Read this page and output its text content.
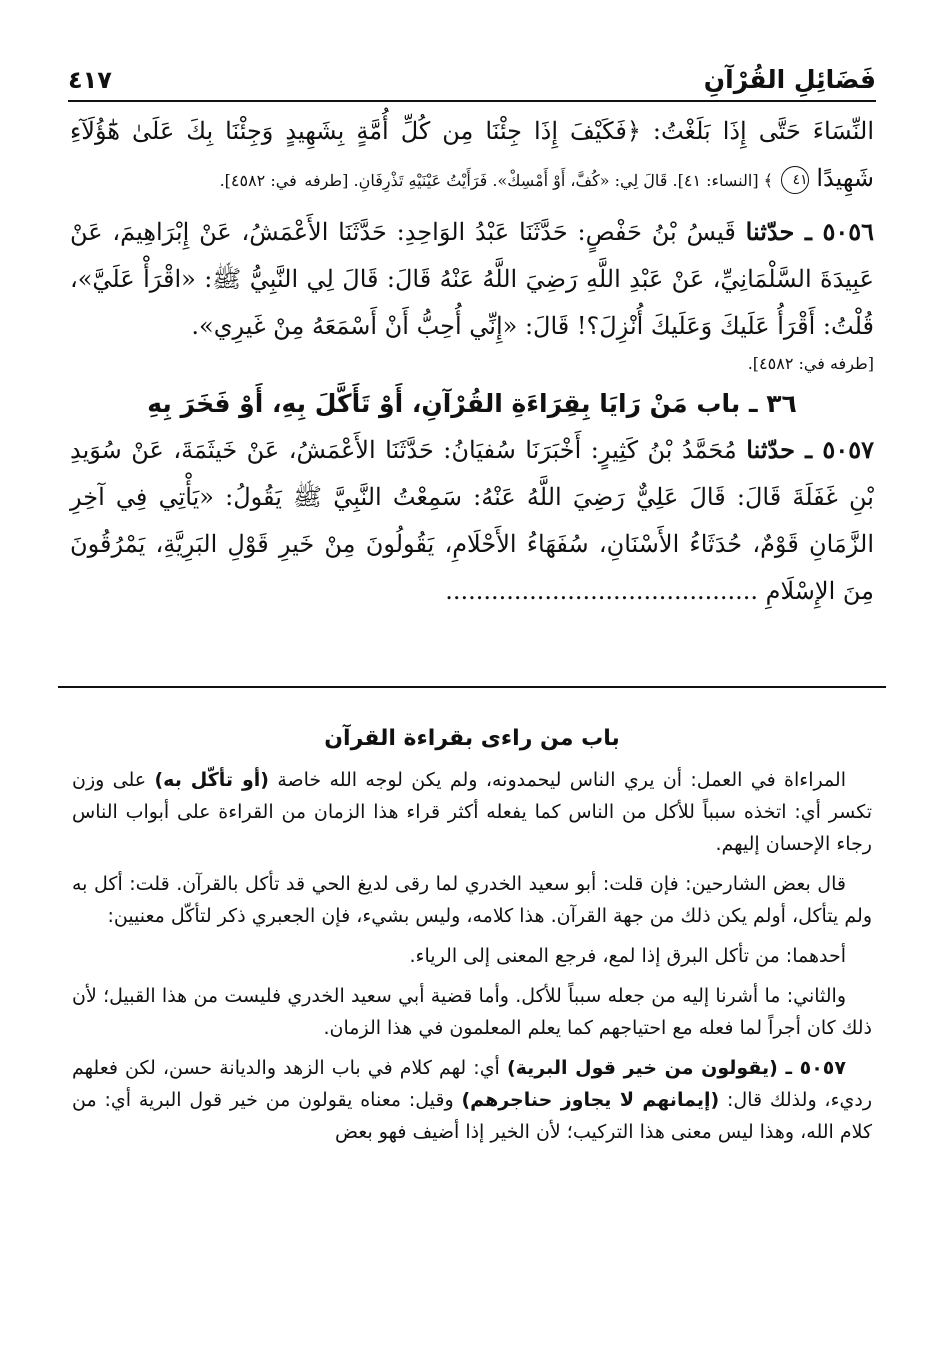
فَضَائِلِ القُرْآنِ
٤١٧
النِّسَاءَ حَتَّى إِذَا بَلَغْتُ: ﴿فَكَيْفَ إِذَا جِئْنَا مِن كُلِّ أُمَّةٍ بِشَهِيدٍ وَجِئْنَا بِكَ عَلَىٰ هَٰٓؤُلَآءِ شَهِيدًا ٤١ ﴾ [النساء: ٤١]. قَالَ لِي: «كُفَّ، أَوْ أَمْسِكْ». فَرَأَيْتُ عَيْنَيْهِ تَذْرِفَانِ. [طرفه في: ٤٥٨٢].
٥٠٥٦ ـ حدّثنا قَيسُ بْنُ حَفْصٍ: حَدَّثَنَا عَبْدُ الوَاحِدِ: حَدَّثَنَا الأَعْمَشُ، عَنْ إِبْرَاهِيمَ، عَنْ عَبِيدَةَ السَّلْمَانِيِّ، عَنْ عَبْدِ اللَّهِ رَضِيَ اللَّهُ عَنْهُ قَالَ: قَالَ لِي النَّبِيُّ ﷺ: «اقْرَأْ عَلَيَّ»، قُلْتُ: أَقْرَأُ عَلَيكَ وَعَلَيكَ أُنْزِلَ؟! قَالَ: «إِنِّي أُحِبُّ أَنْ أَسْمَعَهُ مِنْ غَيرِي».
[طرفه في: ٤٥٨٢].
٣٦ ـ باب مَنْ رَايَا بِقِرَاءَةِ القُرْآنِ، أَوْ تَأَكَّلَ بِهِ، أَوْ فَخَرَ بِهِ
٥٠٥٧ ـ حدّثنا مُحَمَّدُ بْنُ كَثِيرٍ: أَخْبَرَنَا سُفيَانُ: حَدَّثَنَا الأَعْمَشُ، عَنْ خَيثَمَةَ، عَنْ سُوَيدِ بْنِ غَفَلَةَ قَالَ: قَالَ عَلِيٌّ رَضِيَ اللَّهُ عَنْهُ: سَمِعْتُ النَّبِيَّ ﷺ يَقُولُ: «يَأْتِي فِي آخِرِ الزَّمَانِ قَوْمٌ، حُدَثَاءُ الأَسْنَانِ، سُفَهَاءُ الأَحْلَامِ، يَقُولُونَ مِنْ خَيرِ قَوْلِ البَرِيَّةِ، يَمْرُقُونَ مِنَ الإِسْلَامِ .........................................
باب من راءى بقراءة القرآن
المراءاة في العمل: أن يري الناس ليحمدونه، ولم يكن لوجه الله خاصة (أو تأكّل به) على وزن تكسر أي: اتخذه سبباً للأكل من الناس كما يفعله أكثر قراء هذا الزمان من القراءة على أبواب الناس رجاء الإحسان إليهم.
قال بعض الشارحين: فإن قلت: أبو سعيد الخدري لما رقى لديغ الحي قد تأكل بالقرآن. قلت: أكل به ولم يتأكل، أولم يكن ذلك من جهة القرآن. هذا كلامه، وليس بشيء، فإن الجعبري ذكر لتأكّل معنيين:
أحدهما: من تأكل البرق إذا لمع، فرجع المعنى إلى الرياء.
والثاني: ما أشرنا إليه من جعله سبباً للأكل. وأما قضية أبي سعيد الخدري فليست من هذا القبيل؛ لأن ذلك كان أجراً لما فعله مع احتياجهم كما يعلم المعلمون في هذا الزمان.
٥٠٥٧ ـ (يقولون من خير قول البرية) أي: لهم كلام في باب الزهد والديانة حسن، لكن فعلهم رديء، ولذلك قال: (إيمانهم لا يجاوز حناجرهم) وقيل: معناه يقولون من خير قول البرية أي: من كلام الله، وهذا ليس معنى هذا التركيب؛ لأن الخير إذا أضيف فهو بعض
